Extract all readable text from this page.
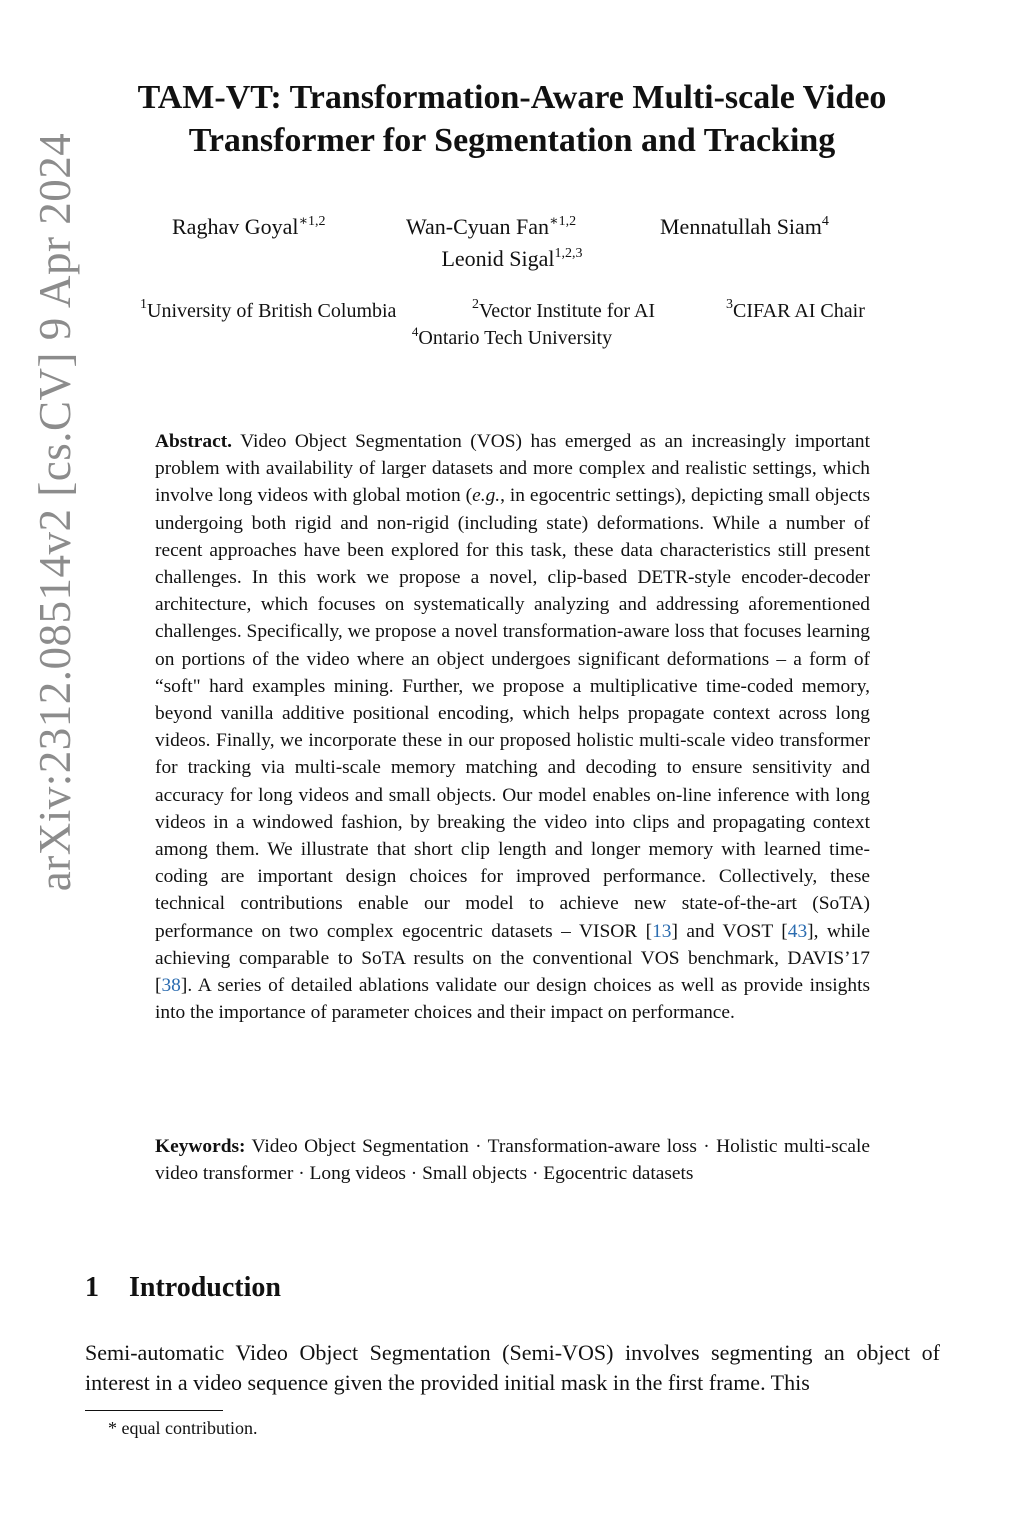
arXiv:2312.08514v2 [cs.CV] 9 Apr 2024
TAM-VT: Transformation-Aware Multi-scale Video Transformer for Segmentation and Tracking
Raghav Goyal$^{∗1,2}$	Wan-Cyuan Fan$^{∗1,2}$	Mennatullah Siam$^4$
Leonid Sigal$^{1,2,3}$
$^1$University of British Columbia	$^2$Vector Institute for AI	$^3$CIFAR AI Chair
$^4$Ontario Tech University

Abstract. Video Object Segmentation (VOS) has emerged as an increasingly important problem with availability of larger datasets and more complex and realistic settings, which involve long videos with global motion (e.g., in egocentric settings), depicting small objects undergoing both rigid and non-rigid (including state) deformations. While a number of recent approaches have been explored for this task, these data characteristics still present challenges. In this work we propose a novel, clip-based DETR-style encoder-decoder architecture, which focuses on systematically analyzing and addressing aforementioned challenges. Specifically, we propose a novel transformation-aware loss that focuses learning on portions of the video where an object undergoes significant deformations – a form of “soft" hard examples mining. Further, we propose a multiplicative time-coded memory, beyond vanilla additive positional encoding, which helps propagate context across long videos. Finally, we incorporate these in our proposed holistic multi-scale video transformer for tracking via multi-scale memory matching and decoding to ensure sensitivity and accuracy for long videos and small objects. Our model enables on-line inference with long videos in a windowed fashion, by breaking the video into clips and propagating context among them. We illustrate that short clip length and longer memory with learned time-coding are important design choices for improved performance. Collectively, these technical contributions enable our model to achieve new state-of-the-art (SoTA) performance on two complex egocentric datasets – VISOR [13] and VOST [43], while achieving comparable to SoTA results on the conventional VOS benchmark, DAVIS’17 [38]. A series of detailed ablations validate our design choices as well as provide insights into the importance of parameter choices and their impact on performance.

Keywords: Video Object Segmentation · Transformation-aware loss · Holistic multi-scale video transformer · Long videos · Small objects · Egocentric datasets

1 Introduction

Semi-automatic Video Object Segmentation (Semi-VOS) involves segmenting an object of interest in a video sequence given the provided initial mask in the first frame. This

* equal contribution.
